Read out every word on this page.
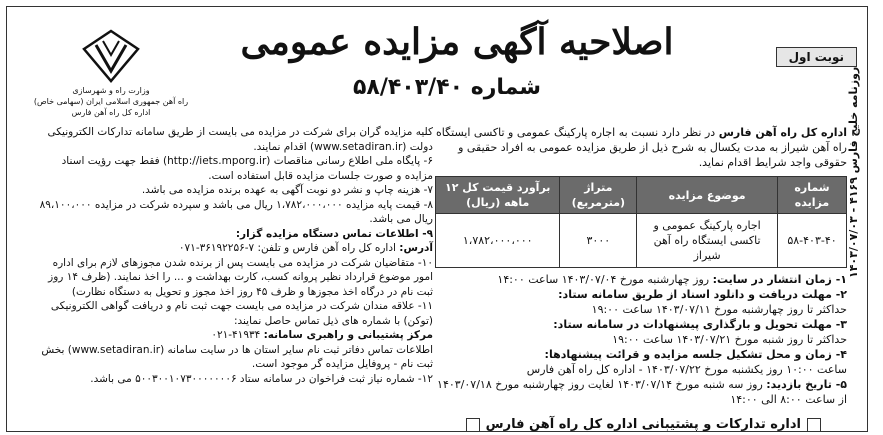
روزنامه خلیج فارس ۴۱۶۹ - ۱۴۰۳/۰۷/۰۳
وزارت راه و شهرسازی
راه آهن جمهوری اسلامی ایران (سهامی خاص)
اداره کل راه آهن فارس
اصلاحیه آگهی مزایده عمومی
شماره ۵۸/۴۰۳/۴۰
نوبت اول
اداره کل راه آهن فارس در نظر دارد نسبت به اجاره پارکینگ عمومی و تاکسی ایستگاه راه آهن شیراز به مدت یکسال به شرح ذیل از طریق مزایده عمومی به افراد حقیقی و حقوقی واجد شرایط اقدام نماید.
شماره مزایده	موضوع مزایده	متراژ (مترمربع)	برآورد قیمت کل ۱۲ ماهه (ریال)
۵۸-۴۰۳-۴۰	اجاره پارکینگ عمومی و تاکسی ایستگاه راه آهن شیراز	۳۰۰۰	۱،۷۸۲،۰۰۰،۰۰۰
۱- زمان انتشار در سایت: روز چهارشنبه مورخ ۱۴۰۳/۰۷/۰۴ ساعت ۱۴:۰۰
۲- مهلت دریافت و دانلود اسناد از طریق سامانه ستاد:
حداکثر تا روز چهارشنبه مورخ ۱۴۰۳/۰۷/۱۱ ساعت ۱۹:۰۰
۳- مهلت تحویل و بارگذاری پیشنهادات در سامانه ستاد:
حداکثر تا روز شنبه مورخ ۱۴۰۳/۰۷/۲۱ ساعت ۱۹:۰۰
۴- زمان و محل تشکیل جلسه مزایده و قرائت پیشنهادها:
ساعت ۱۰:۰۰ روز یکشنبه مورخ ۱۴۰۳/۰۷/۲۲ - اداره کل راه آهن فارس
۵- تاریخ بازدید: روز سه شنبه مورخ ۱۴۰۳/۰۷/۱۴ لغایت روز چهارشنبه مورخ ۱۴۰۳/۰۷/۱۸ از ساعت ۸:۰۰ الی ۱۴:۰۰
کلیه مزایده گران برای شرکت در مزایده می بایست از طریق سامانه تدارکات الکترونیکی دولت (www.setadiran.ir) اقدام نمایند.
۶- پایگاه ملی اطلاع رسانی مناقصات (http://iets.mporg.ir) فقط جهت رؤیت اسناد مزایده و صورت جلسات مزایده قابل استفاده است.
۷- هزینه چاپ و نشر دو نوبت آگهی به عهده برنده مزایده می باشد.
۸- قیمت پایه مزایده ۱،۷۸۲،۰۰۰،۰۰۰ ریال می باشد و سپرده شرکت در مزایده ۸۹،۱۰۰،۰۰۰ ریال می باشد.
۹- اطلاعات تماس دستگاه مزایده گزار:
آدرس: اداره کل راه آهن فارس و تلفن: ۷-۳۶۱۹۲۲۵۶-۰۷۱
۱۰- متقاضیان شرکت در مزایده می بایست پس از برنده شدن مجوزهای لازم برای اداره امور موضوع قرارداد نظیر پروانه کسب، کارت بهداشت و ... را اخذ نمایند. (ظرف ۱۴ روز ثبت نام در درگاه اخذ مجوزها و ظرف ۴۵ روز اخذ مجوز و تحویل به دستگاه نظارت)
۱۱- علاقه مندان شرکت در مزایده می بایست جهت ثبت نام و دریافت گواهی الکترونیکی (توکن) با شماره های ذیل تماس حاصل نمایند:
مرکز پشتیبانی و راهبری سامانه: ۴۱۹۳۴-۰۲۱
اطلاعات تماس دفاتر ثبت نام سایر استان ها در سایت سامانه (www.setadiran.ir) بخش ثبت نام - پروفایل مزایده گر موجود است.
۱۲- شماره نیاز ثبت فراخوان در سامانه ستاد ۵۰۰۳۰۰۱۰۷۳۰۰۰۰۰۰۰۶ می باشد.
اداره تدارکات و پشتیبانی اداره کل راه آهن فارس
